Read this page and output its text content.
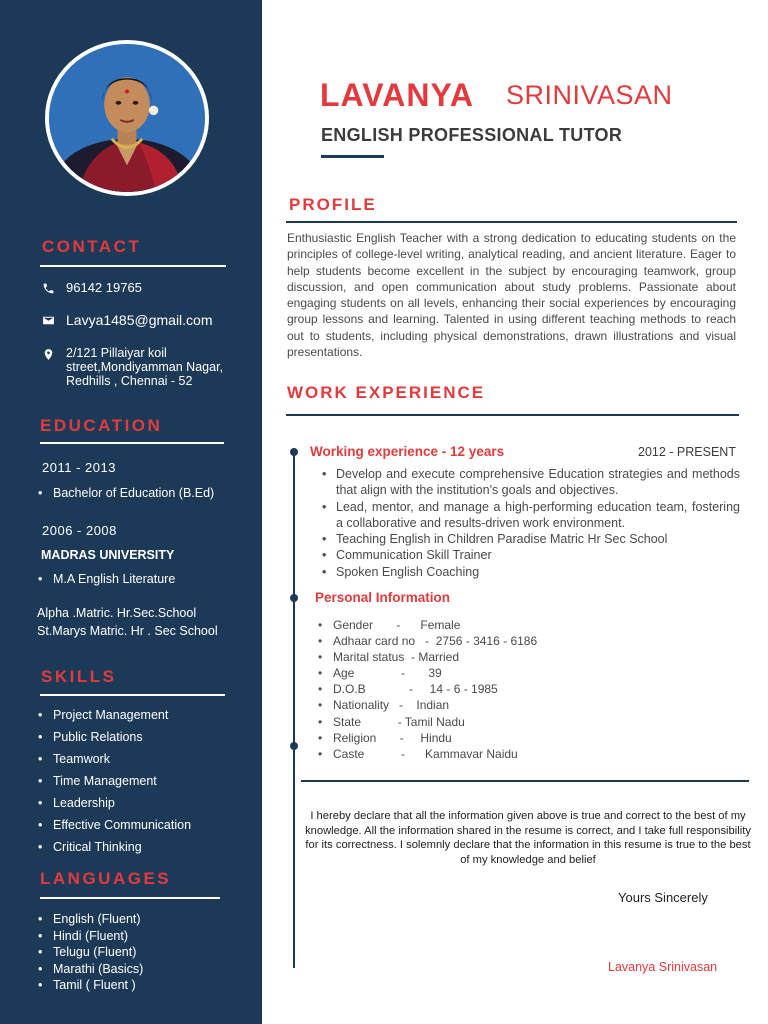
CONTACT
96142 19765
Lavya1485@gmail.com
2/121 Pillaiyar koil
street,Mondiyamman Nagar,
Redhills , Chennai - 52
EDUCATION
2011 - 2013
• Bachelor of Education (B.Ed)
2006 - 2008
MADRAS UNIVERSITY
• M.A English Literature
Alpha .Matric. Hr.Sec.School
St.Marys Matric. Hr . Sec School
SKILLS
• Project Management
• Public Relations
• Teamwork
• Time Management
• Leadership
• Effective Communication
• Critical Thinking
LANGUAGES
• English (Fluent)
• Hindi (Fluent)
• Telugu (Fluent)
• Marathi (Basics)
• Tamil ( Fluent )
LAVANYA SRINIVASAN
ENGLISH PROFESSIONAL TUTOR
PROFILE
Enthusiastic English Teacher with a strong dedication to educating students on the principles of college-level writing, analytical reading, and ancient literature. Eager to help students become excellent in the subject by encouraging teamwork, group discussion, and open communication about study problems. Passionate about engaging students on all levels, enhancing their social experiences by encouraging group lessons and learning. Talented in using different teaching methods to reach out to students, including physical demonstrations, drawn illustrations and visual presentations.
WORK EXPERIENCE
Working experience - 12 years	2012 - PRESENT
• Develop and execute comprehensive Education strategies and methods that align with the institution's goals and objectives.
• Lead, mentor, and manage a high-performing education team, fostering a collaborative and results-driven work environment.
• Teaching English in Children Paradise Matric Hr Sec School
• Communication Skill Trainer
• Spoken English Coaching
Personal Information
• Gender       -      Female
• Adhaar card no   -  2756 - 3416 - 6186
• Marital status  - Married
• Age              -       39
• D.O.B             -     14 - 6 - 1985
• Nationality   -    Indian
• State           - Tamil Nadu
• Religion       -     Hindu
• Caste           -      Kammavar Naidu
I hereby declare that all the information given above is true and correct to the best of my knowledge. All the information shared in the resume is correct, and I take full responsibility for its correctness. I solemnly declare that the information in this resume is true to the best of my knowledge and belief
Yours Sincerely
Lavanya Srinivasan
